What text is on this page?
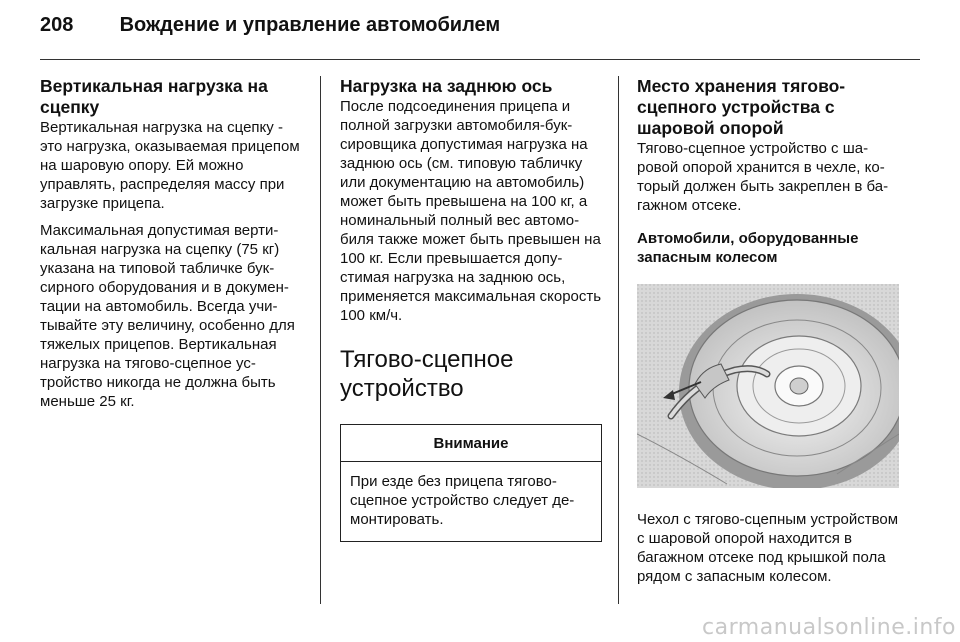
208 Вождение и управление автомобилем
Вертикальная нагрузка на сцепку

Вертикальная нагрузка на сцепку - это нагрузка, оказываемая прицепом на шаровую опору. Ей можно управлять, распределяя массу при загрузке прицепа.

Максимальная допустимая вертикальная нагрузка на сцепку (75 кг) указана на типовой табличке буксирного оборудования и в документации на автомобиль. Всегда учитывайте эту величину, особенно для тяжелых прицепов. Вертикальная нагрузка на тягово-сцепное устройство никогда не должна быть меньше 25 кг.

Нагрузка на заднюю ось

После подсоединения прицепа и полной загрузки автомобиля-буксировщика допустимая нагрузка на заднюю ось (см. типовую табличку или документацию на автомобиль) может быть превышена на 100 кг, а номинальный полный вес автомобиля также может быть превышен на 100 кг. Если превышается допустимая нагрузка на заднюю ось, применяется максимальная скорость 100 км/ч.

Тягово-сцепное устройство
Внимание
При езде без прицепа тягово-сцепное устройство следует демонтировать.
Место хранения тягово-сцепного устройства с шаровой опорой

Тягово-сцепное устройство с шаровой опорой хранится в чехле, который должен быть закреплен в багажном отсеке.

Автомобили, оборудованные запасным колесом

Чехол с тягово-сцепным устройством с шаровой опорой находится в багажном отсеке под крышкой пола рядом с запасным колесом.

carmanualsonline.info
